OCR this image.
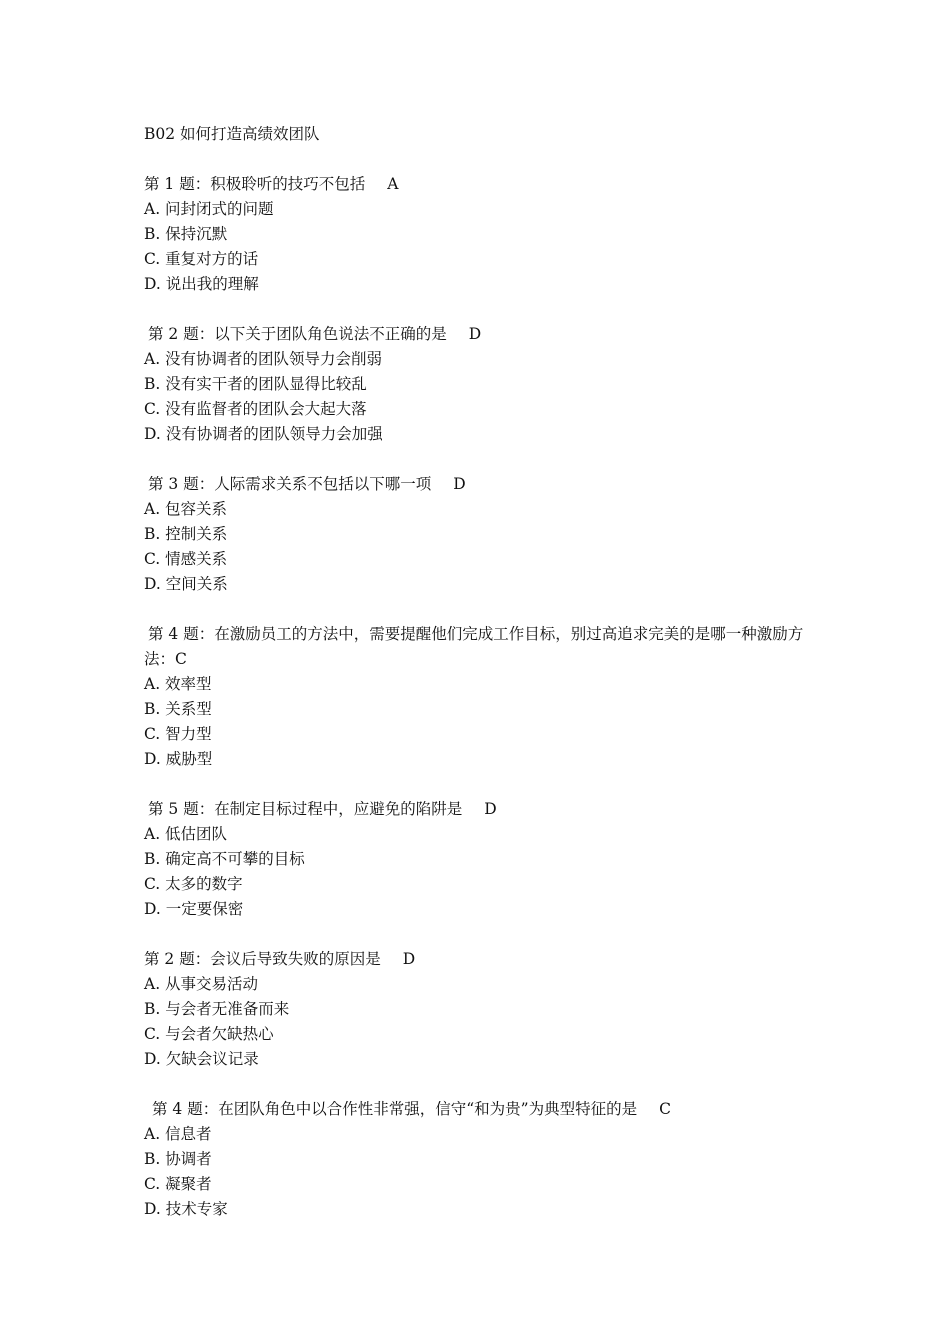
B02 如何打造高绩效团队
第 1 题：积极聆听的技巧不包括 A
A. 问封闭式的问题
B. 保持沉默
C. 重复对方的话
D. 说出我的理解
第 2 题：以下关于团队角色说法不正确的是 D
A. 没有协调者的团队领导力会削弱
B. 没有实干者的团队显得比较乱
C. 没有监督者的团队会大起大落
D. 没有协调者的团队领导力会加强
第 3 题：人际需求关系不包括以下哪一项 D
A. 包容关系
B. 控制关系
C. 情感关系
D. 空间关系
第 4 题：在激励员工的方法中，需要提醒他们完成工作目标，别过高追求完美的是哪一种激励方法：C
A. 效率型
B. 关系型
C. 智力型
D. 威胁型
第 5 题：在制定目标过程中，应避免的陷阱是 D
A. 低估团队
B. 确定高不可攀的目标
C. 太多的数字
D. 一定要保密
第 2 题：会议后导致失败的原因是 D
A. 从事交易活动
B. 与会者无准备而来
C. 与会者欠缺热心
D. 欠缺会议记录
第 4 题：在团队角色中以合作性非常强，信守“和为贵”为典型特征的是 C
A. 信息者
B. 协调者
C. 凝聚者
D. 技术专家
